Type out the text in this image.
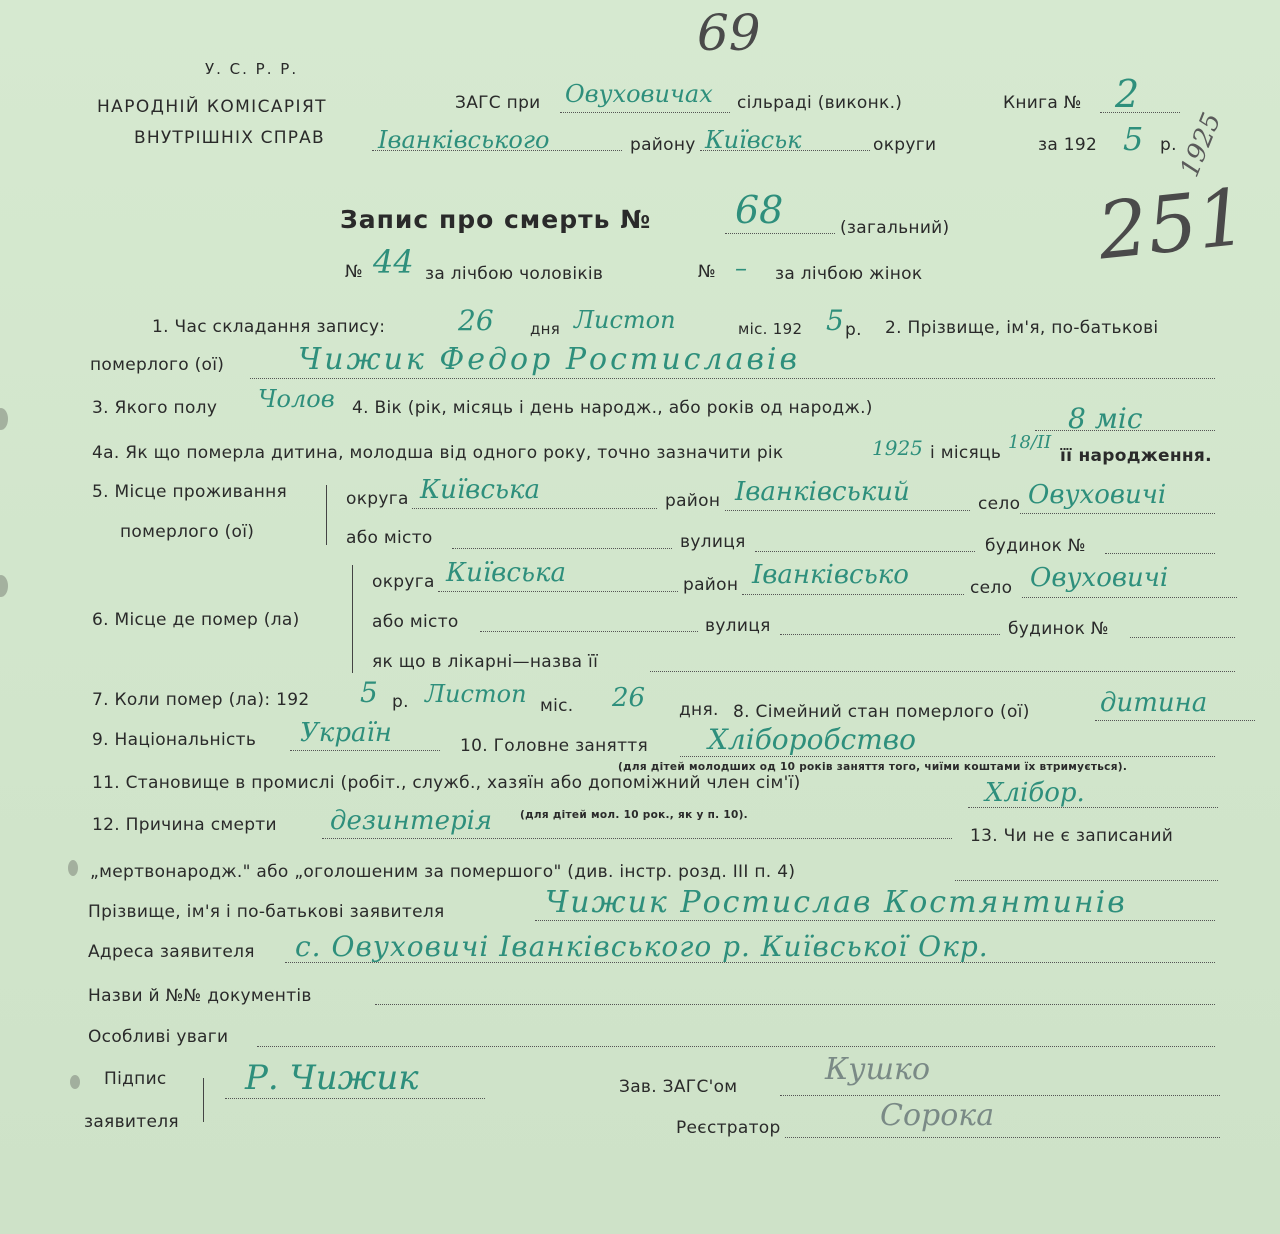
У. С. Р. Р.
НАРОДНІЙ КОМІСАРІЯТ
ВНУТРІШНІХ СПРАВ
69
251
1925
ЗАГС при Овуховичах сільраді (виконк.)	Книга № 2
Іванківського	району Київськ	округи	за 192 5 р.
Запис про смерть № 68	(загальний)
№ 44 за лічбою чоловіків	№ – за лічбою жінок
1. Час складання запису:	26 дня Листоп	міс. 192 5 р. 2. Прізвище, ім'я, по-батькові
померлого (ої) Чижик Федор Ростиславів
3. Якого полу Чолов 4. Вік (рік, місяць і день народж., або років од народж.)	8 міс
4а. Як що померла дитина, молодша від одного року, точно зазначити рік	1925 і місяць 18/ІІ
її народження.
5. Місце проживання
померлого (ої)
округа Київська	район Іванківський	село Овуховичі
або місто	вулиця	будинок №
6. Місце де помер (ла)
округа Київська	район Іванківсько	село Овуховичі
або місто	вулиця	будинок №
як що в лікарні—назва її
7. Коли помер (ла): 192 5 р. Листоп міс. 26 дня. 8. Сімейний стан померлого (ої)	дитина
9. Національність Україн	10. Головне заняття Хліборобство
(для дітей молодших од 10 років заняття того, чиїми коштами їх втримується).
11. Становище в промислі (робіт., служб., хазяїн або допоміжний член сім'ї)	Хлібор.
(для дітей мол. 10 рок., як у п. 10).
12. Причина смерти дезинтерія	13. Чи не є записаний
„мертвонародж." або „оголошеним за помершого" (див. інстр. розд. III п. 4)
Прізвище, ім'я і по-батькові заявителя	Чижик Ростислав Костянтинів
Адреса заявителя с. Овуховичі Іванківського р. Київської Окр.
Назви й №№ документів
Особливі уваги
Підпис
заявителя
Р. Чижик	Зав. ЗАГС'ом	Кушко
Реєстратор	Сорока
